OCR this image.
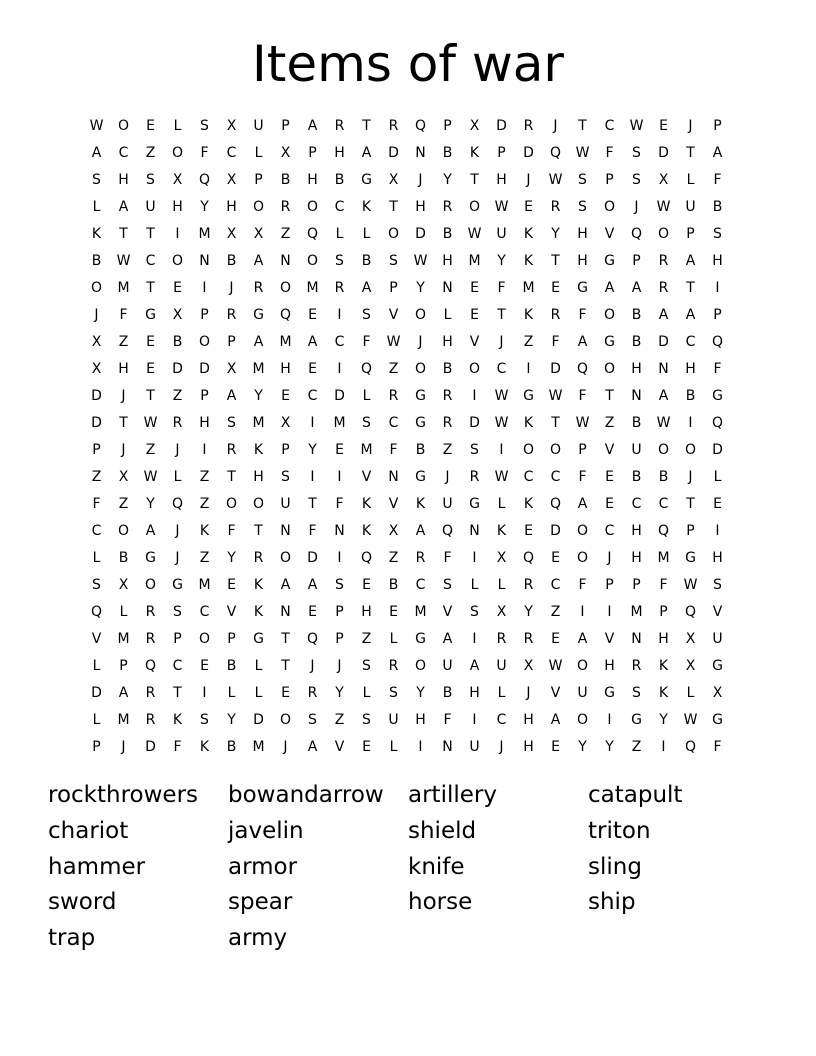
Items of war
W	O	E	L	S	X	U	P	A	R	T	R	Q	P	X	D	R	J	T	C	W	E	J	P
A	C	Z	O	F	C	L	X	P	H	A	D	N	B	K	P	D	Q	W	F	S	D	T	A
S	H	S	X	Q	X	P	B	H	B	G	X	J	Y	T	H	J	W	S	P	S	X	L	F
L	A	U	H	Y	H	O	R	O	C	K	T	H	R	O	W	E	R	S	O	J	W	U	B
K	T	T	I	M	X	X	Z	Q	L	L	O	D	B	W	U	K	Y	H	V	Q	O	P	S
B	W	C	O	N	B	A	N	O	S	B	S	W	H	M	Y	K	T	H	G	P	R	A	H
O	M	T	E	I	J	R	O	M	R	A	P	Y	N	E	F	M	E	G	A	A	R	T	I
J	F	G	X	P	R	G	Q	E	I	S	V	O	L	E	T	K	R	F	O	B	A	A	P
X	Z	E	B	O	P	A	M	A	C	F	W	J	H	V	J	Z	F	A	G	B	D	C	Q
X	H	E	D	D	X	M	H	E	I	Q	Z	O	B	O	C	I	D	Q	O	H	N	H	F
D	J	T	Z	P	A	Y	E	C	D	L	R	G	R	I	W	G	W	F	T	N	A	B	G
D	T	W	R	H	S	M	X	I	M	S	C	G	R	D	W	K	T	W	Z	B	W	I	Q
P	J	Z	J	I	R	K	P	Y	E	M	F	B	Z	S	I	O	O	P	V	U	O	O	D
Z	X	W	L	Z	T	H	S	I	I	V	N	G	J	R	W	C	C	F	E	B	B	J	L
F	Z	Y	Q	Z	O	O	U	T	F	K	V	K	U	G	L	K	Q	A	E	C	C	T	E
C	O	A	J	K	F	T	N	F	N	K	X	A	Q	N	K	E	D	O	C	H	Q	P	I
L	B	G	J	Z	Y	R	O	D	I	Q	Z	R	F	I	X	Q	E	O	J	H	M	G	H
S	X	O	G	M	E	K	A	A	S	E	B	C	S	L	L	R	C	F	P	P	F	W	S
Q	L	R	S	C	V	K	N	E	P	H	E	M	V	S	X	Y	Z	I	I	M	P	Q	V
V	M	R	P	O	P	G	T	Q	P	Z	L	G	A	I	R	R	E	A	V	N	H	X	U
L	P	Q	C	E	B	L	T	J	J	S	R	O	U	A	U	X	W	O	H	R	K	X	G
D	A	R	T	I	L	L	E	R	Y	L	S	Y	B	H	L	J	V	U	G	S	K	L	X
L	M	R	K	S	Y	D	O	S	Z	S	U	H	F	I	C	H	A	O	I	G	Y	W	G
P	J	D	F	K	B	M	J	A	V	E	L	I	N	U	J	H	E	Y	Y	Z	I	Q	F
rockthrowers	bowandarrow	artillery	catapult
chariot	javelin	shield	triton
hammer	armor	knife	sling
sword	spear	horse	ship
trap	army
